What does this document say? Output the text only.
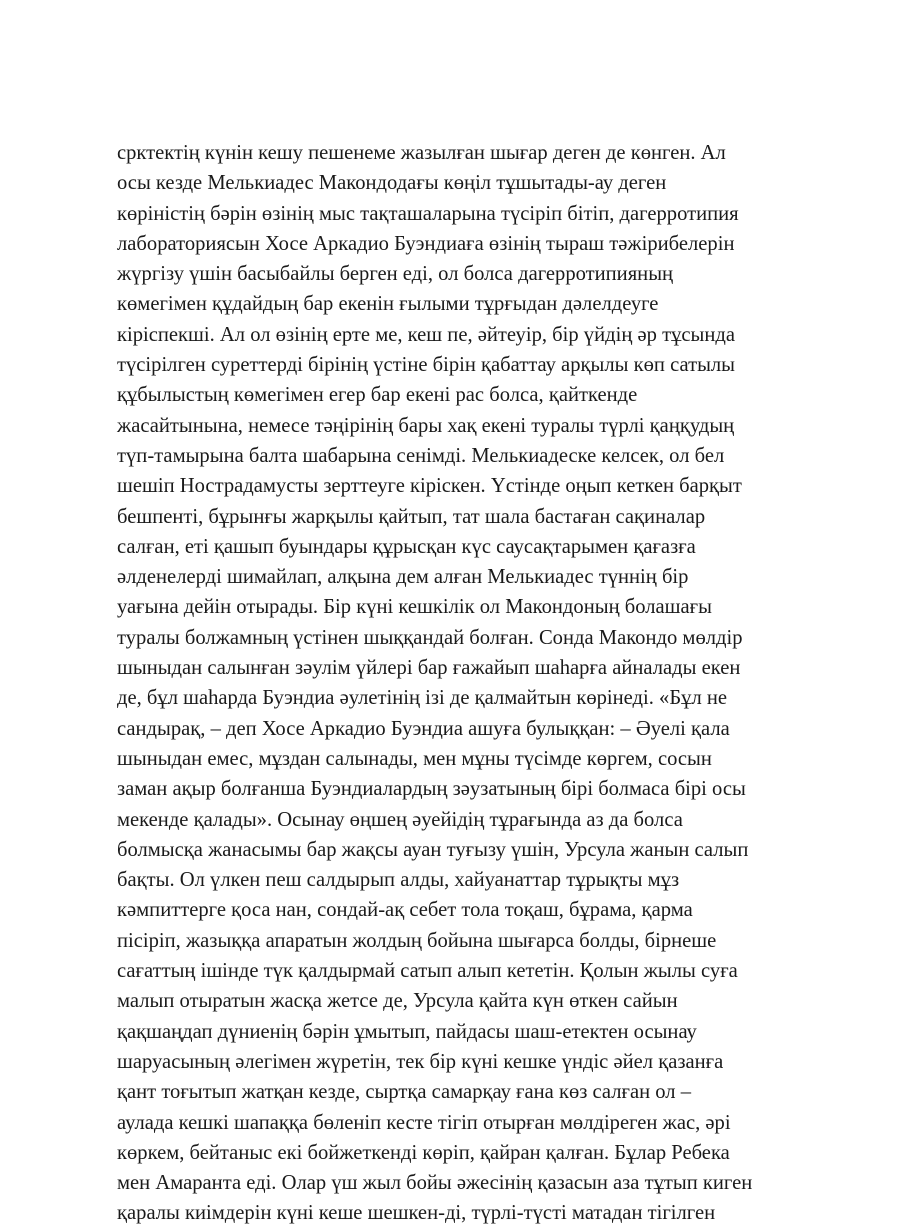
срктектің күнін кешу пешенеме жазылған шығар деген де көнген. Ал
осы кезде Мелькиадес Макондодағы көңіл тұшытады-ау деген
көріністің бәрін өзінің мыс тақташаларына түсіріп бітіп, дагерротипия
лабораториясын Хосе Аркадио Буэндиаға өзінің тыраш тәжірибелерін
жүргізу үшін басыбайлы берген еді, ол болса дагерротипияның
көмегімен құдайдың бар екенін ғылыми тұрғыдан дәлелдеуге
кіріспекші. Ал ол өзінің ерте ме, кеш пе, әйтеуір, бір үйдің әр тұсында
түсірілген суреттерді бірінің үстіне бірін қабаттау арқылы көп сатылы
құбылыстың көмегімен егер бар екені рас болса, қайткенде
жасайтынына, немесе тәңірінің бары хақ екені туралы түрлі қаңқудың
түп-тамырына балта шабарына сенімді. Мелькиадеске келсек, ол бел
шешіп Нострадамусты зерттеуге кіріскен. Үстінде оңып кеткен барқыт
бешпенті, бұрынғы жарқылы қайтып, тат шала бастаған сақиналар
салған, еті қашып буындары құрысқан күс саусақтарымен қағазға
әлденелерді шимайлап, алқына дем алған Мелькиадес түннің бір
уағына дейін отырады. Бір күні кешкілік ол Макондоның болашағы
туралы болжамның үстінен шыққандай болған. Сонда Макондо мөлдір
шыныдан салынған зәулім үйлері бар ғажайып шаһарға айналады екен
де, бұл шаһарда Буэндиа әулетінің ізі де қалмайтын көрінеді. «Бұл не
сандырақ, – деп Хосе Аркадио Буэндиа ашуға булыққан: – Әуелі қала
шыныдан емес, мұздан салынады, мен мұны түсімде көргем, сосын
заман ақыр болғанша Буэндиалардың зәузатының бірі болмаса бірі осы
мекенде қалады». Осынау өңшең әуейідің тұрағында аз да болса
болмысқа жанасымы бар жақсы ауан туғызу үшін, Урсула жанын салып
бақты. Ол үлкен пеш салдырып алды, хайуанаттар тұрықты мұз
кәмпиттерге қоса нан, сондай-ақ себет тола тоқаш, бұрама, қарма
пісіріп, жазыққа апаратын жолдың бойына шығарса болды, бірнеше
сағаттың ішінде түк қалдырмай сатып алып кететін. Қолын жылы суға
малып отыратын жасқа жетсе де, Урсула қайта күн өткен сайын
қақшаңдап дүниенің бәрін ұмытып, пайдасы шаш-етектен осынау
шаруасының әлегімен жүретін, тек бір күні кешке үндіс әйел қазанға
қант тоғытып жатқан кезде, сыртқа самарқау ғана көз салған ол –
аулада кешкі шапаққа бөленіп кесте тігіп отырған мөлдіреген жас, әрі
көркем, бейтаныс екі бойжеткенді көріп, қайран қалған. Бұлар Ребека
мен Амаранта еді. Олар үш жыл бойы әжесінің қазасын аза тұтып киген
қаралы киімдерін күні кеше шешкен-ді, түрлі-түсті матадан тігілген
